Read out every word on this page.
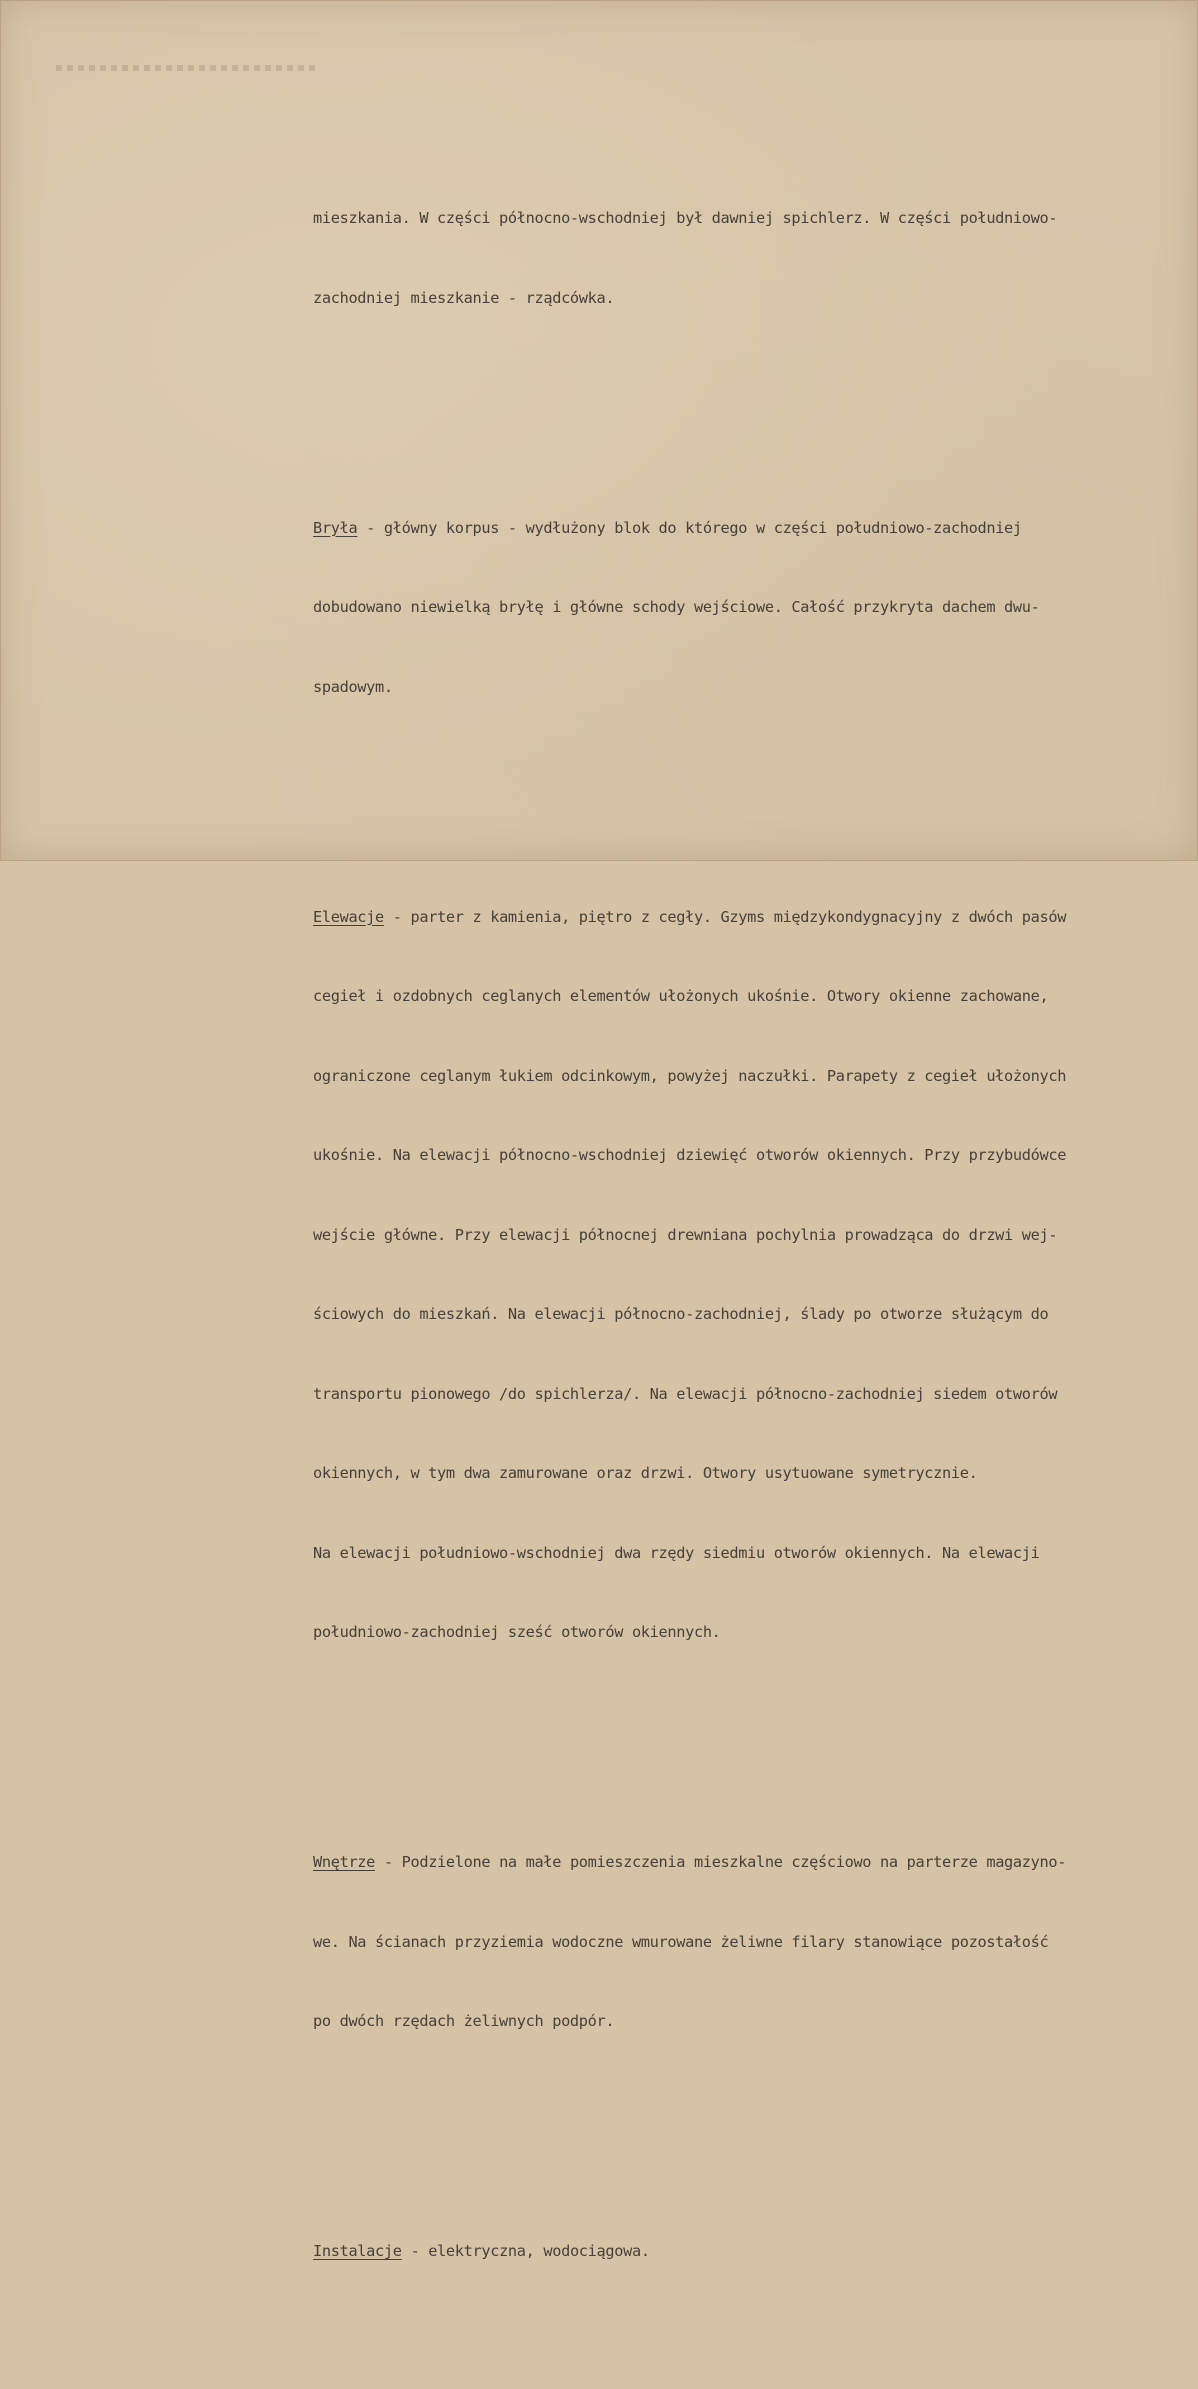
mieszkania. W części północno-wschodniej był dawniej spichlerz. W części południowo-

zachodniej mieszkanie - rządcówka.

Bryła - główny korpus - wydłużony blok do którego w części południowo-zachodniej

dobudowano niewielką bryłę i główne schody wejściowe. Całość przykryta dachem dwu-

spadowym.

Elewacje - parter z kamienia, piętro z cegły. Gzyms międzykondygnacyjny z dwóch pasów

cegieł i ozdobnych ceglanych elementów ułożonych ukośnie. Otwory okienne zachowane,

ograniczone ceglanym łukiem odcinkowym, powyżej naczułki. Parapety z cegieł ułożonych

ukośnie. Na elewacji północno-wschodniej dziewięć otworów okiennych. Przy przybudówce

wejście główne. Przy elewacji północnej drewniana pochylnia prowadząca do drzwi wej-

ściowych do mieszkań. Na elewacji północno-zachodniej, ślady po otworze służącym do

transportu pionowego /do spichlerza/. Na elewacji północno-zachodniej siedem otworów

okiennych, w tym dwa zamurowane oraz drzwi. Otwory usytuowane symetrycznie.

Na elewacji południowo-wschodniej dwa rzędy siedmiu otworów okiennych. Na elewacji

południowo-zachodniej sześć otworów okiennych.

Wnętrze - Podzielone na małe pomieszczenia mieszkalne częściowo na parterze magazyno-

we. Na ścianach przyziemia wodoczne wmurowane żeliwne filary stanowiące pozostałość

po dwóch rzędach żeliwnych podpór.

Instalacje - elektryczna, wodociągowa.
